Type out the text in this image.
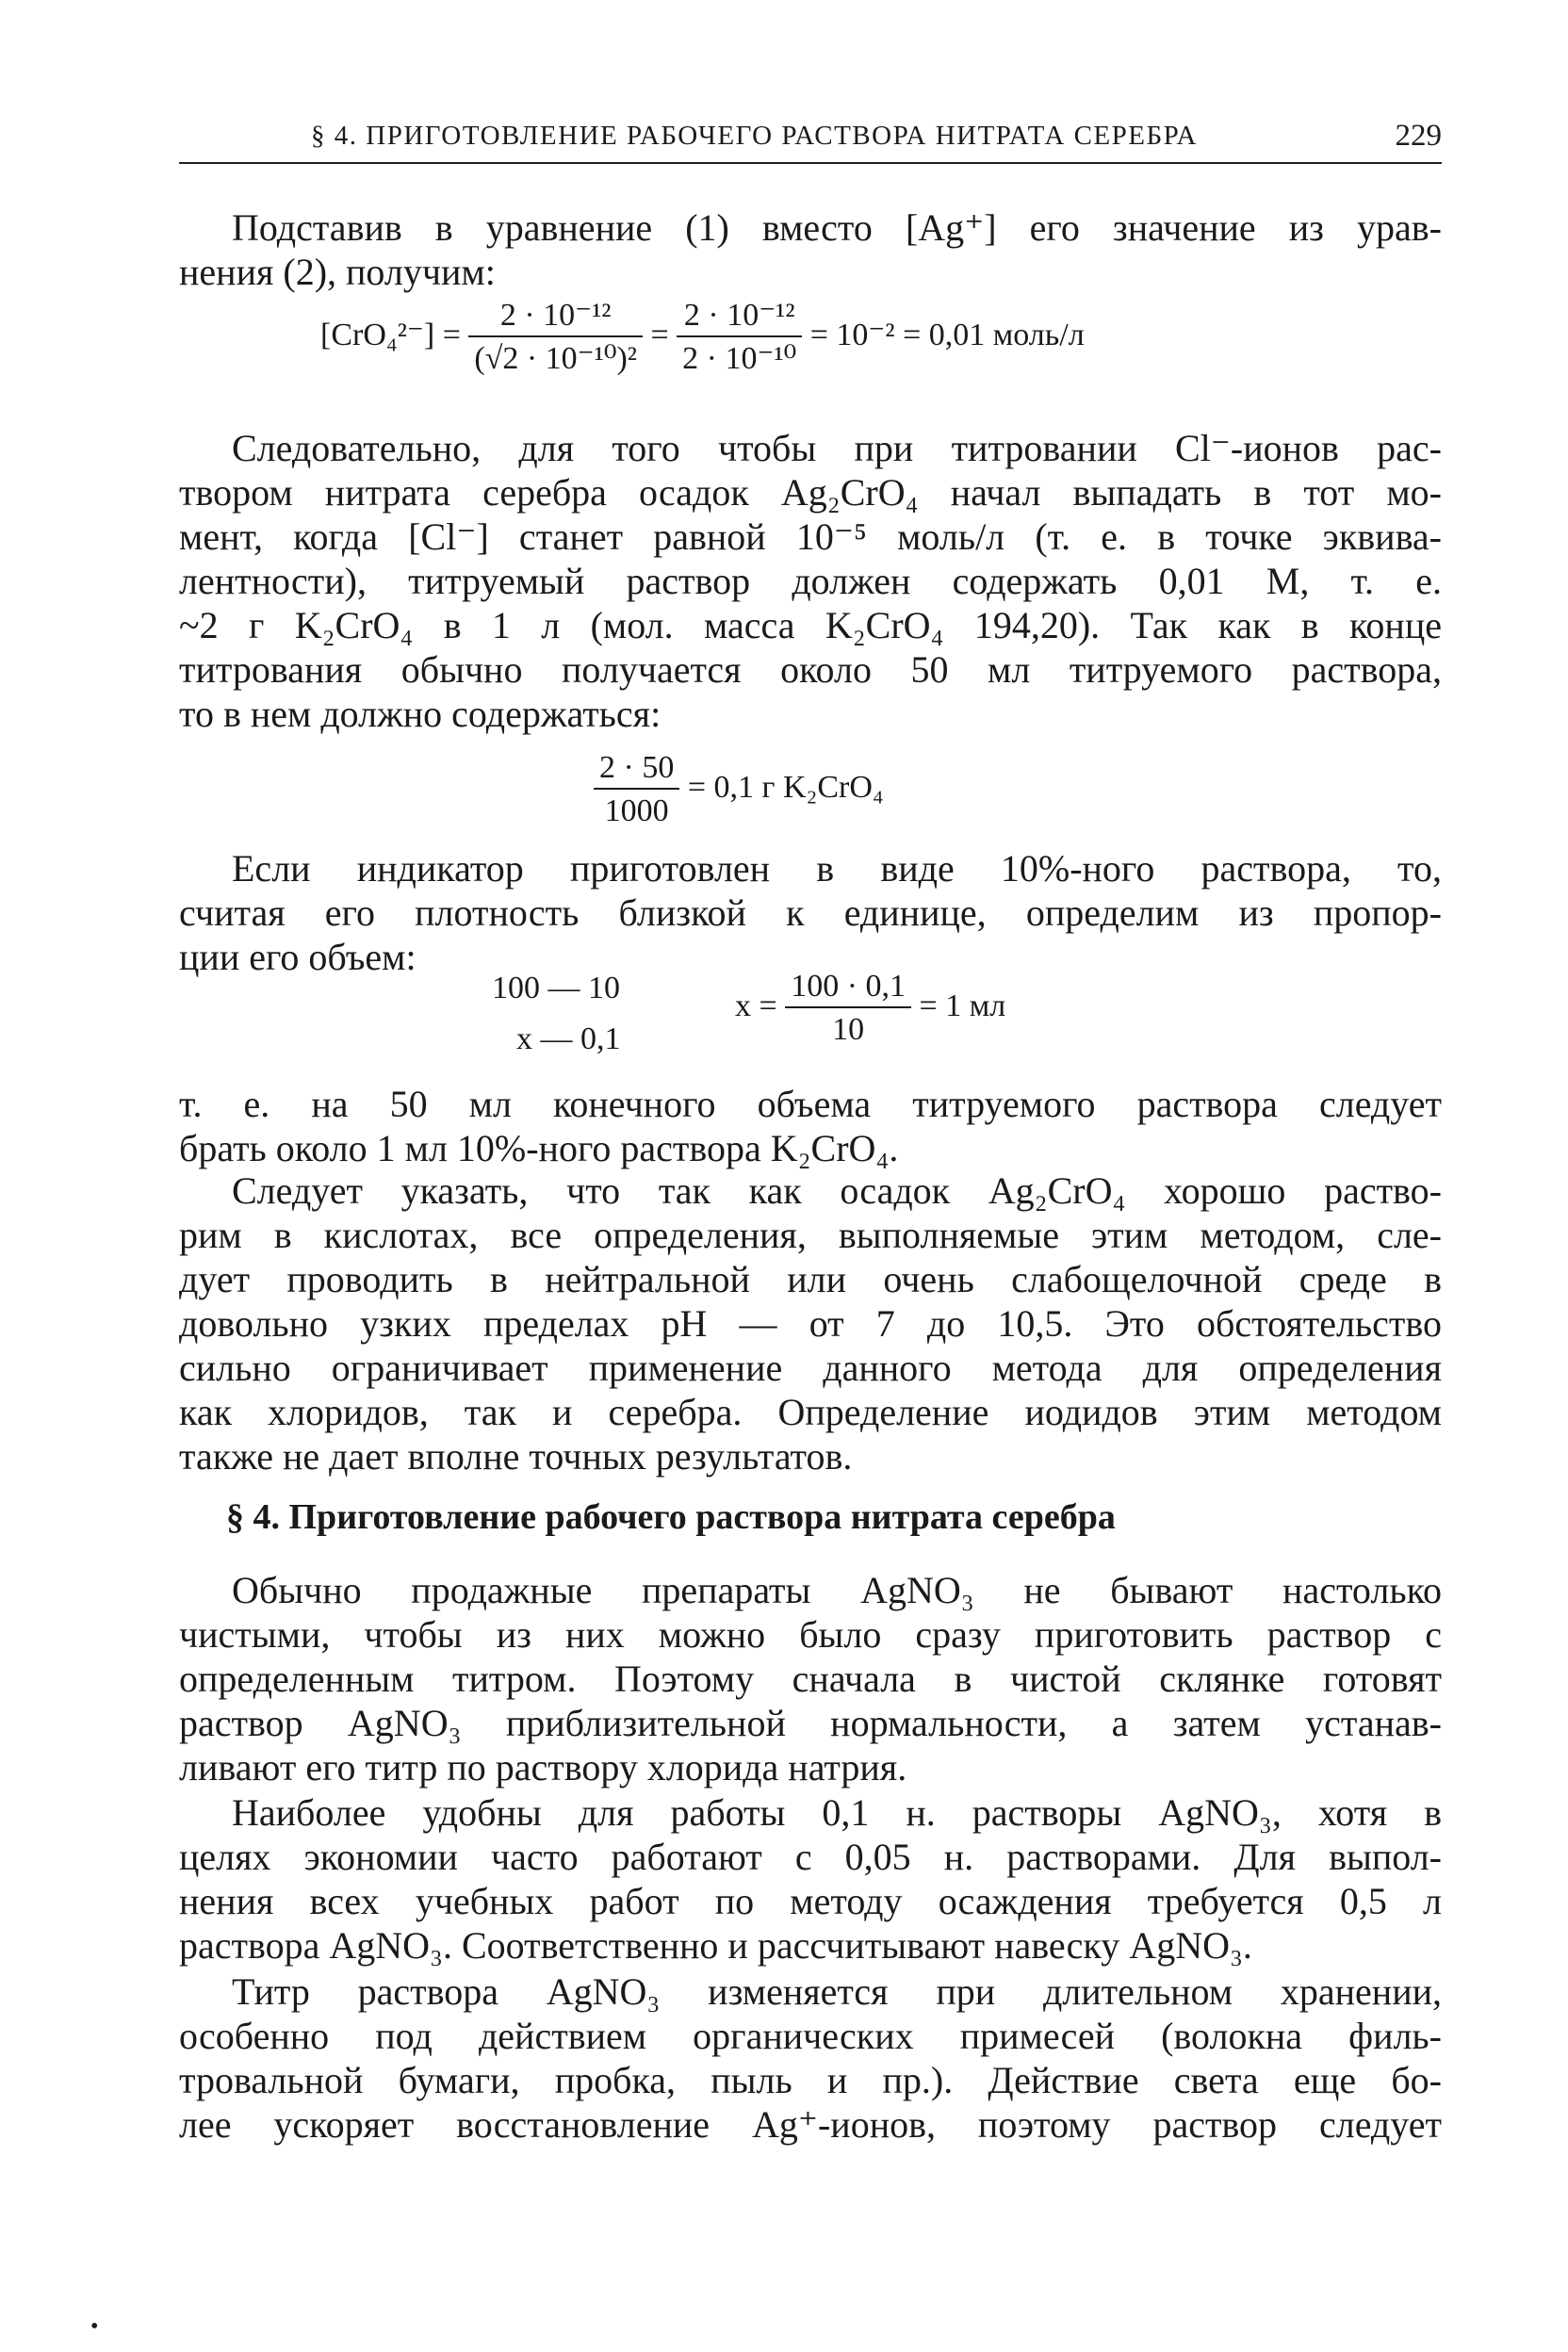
§ 4. ПРИГОТОВЛЕНИЕ РАБОЧЕГО РАСТВОРА НИТРАТА СЕРЕБРА	229
Подставив в уравнение (1) вместо [Ag⁺] его значение из урав-
нения (2), получим:
$[CrO_4^{2-}] = \frac{\text{2 · 10⁻¹²}}{\text{(√2 · 10⁻¹⁰)²}} = \frac{\text{2 · 10⁻¹²}}{\text{2 · 10⁻¹⁰}} = 10^{-2} = 0,01$ моль/л
Следовательно, для того чтобы при титровании Cl⁻-ионов рас-
твором нитрата серебра осадок Ag₂CrO₄ начал выпадать в тот мо-
мент, когда [Cl⁻] станет равной 10⁻⁵ моль/л (т. е. в точке эквива-
лентности), титруемый раствор должен содержать 0,01 M, т. е.
~2 г K₂CrO₄ в 1 л (мол. масса K₂CrO₄ 194,20). Так как в конце
титрования обычно получается около 50 мл титруемого раствора,
то в нем должно содержаться:
$\frac{2 \cdot 50}{1000} = 0,1$ г K₂CrO₄
Если индикатор приготовлен в виде 10%-ного раствора, то,
считая его плотность близкой к единице, определим из пропор-
ции его объем:
100 — 10
x — 0,1
$x = \frac{100 \cdot 0,1}{10} = 1$ мл
т. е. на 50 мл конечного объема титруемого раствора следует
брать около 1 мл 10%-ного раствора K₂CrO₄.
Следует указать, что так как осадок Ag₂CrO₄ хорошо раство-
рим в кислотах, все определения, выполняемые этим методом, сле-
дует проводить в нейтральной или очень слабощелочной среде в
довольно узких пределах pH — от 7 до 10,5. Это обстоятельство
сильно ограничивает применение данного метода для определения
как хлоридов, так и серебра. Определение иодидов этим методом
также не дает вполне точных результатов.
§ 4. Приготовление рабочего раствора нитрата серебра
Обычно продажные препараты AgNO₃ не бывают настолько
чистыми, чтобы из них можно было сразу приготовить раствор с
определенным титром. Поэтому сначала в чистой склянке готовят
раствор AgNO₃ приблизительной нормальности, а затем устанав-
ливают его титр по раствору хлорида натрия.
Наиболее удобны для работы 0,1 н. растворы AgNO₃, хотя в
целях экономии часто работают с 0,05 н. растворами. Для выпол-
нения всех учебных работ по методу осаждения требуется 0,5 л
раствора AgNO₃. Соответственно и рассчитывают навеску AgNO₃.
Титр раствора AgNO₃ изменяется при длительном хранении,
особенно под действием органических примесей (волокна филь-
тровальной бумаги, пробка, пыль и пр.). Действие света еще бо-
лее ускоряет восстановление Ag⁺-ионов, поэтому раствор следует
•
